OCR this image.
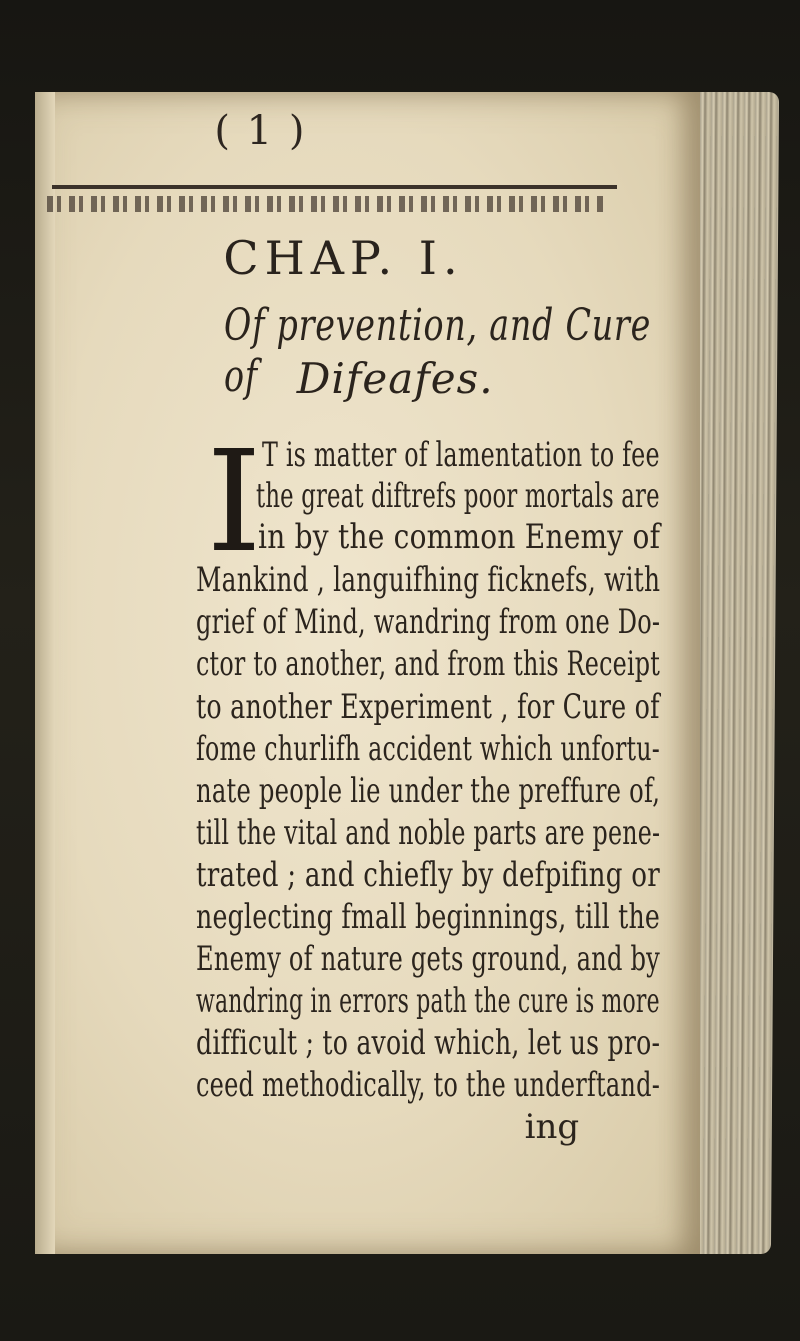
( 1 )
CHAP. I.
Of prevention, and Cure of Difeafes.
I T is matter of lamentation to fee
the great diftrefs poor mortals are
in by the common Enemy of
Mankind , languifhing ficknefs, with
grief of Mind, wandring from one Do-
ctor to another, and from this Receipt
to another Experiment , for Cure of
fome churlifh accident which unfortu-
nate people lie under the preffure of,
till the vital and noble parts are pene-
trated ; and chiefly by defpifing or
neglecting fmall beginnings, till the
Enemy of nature gets ground, and by
wandring in errors path the cure is more
difficult ; to avoid which, let us pro-
ceed methodically, to the underftand-
ing
